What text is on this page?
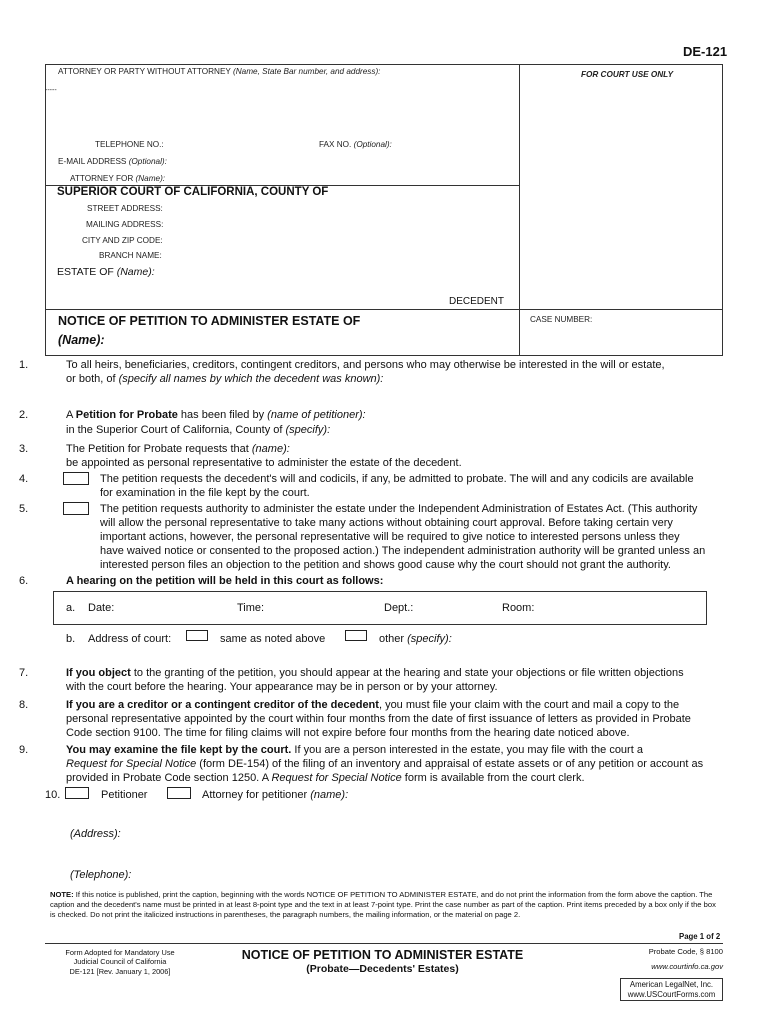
DE-121
ATTORNEY OR PARTY WITHOUT ATTORNEY (Name, State Bar number, and address):	FOR COURT USE ONLY
-----
TELEPHONE NO.:	FAX NO. (Optional):
E-MAIL ADDRESS (Optional):
ATTORNEY FOR (Name):
SUPERIOR COURT OF CALIFORNIA, COUNTY OF
STREET ADDRESS:
MAILING ADDRESS:
CITY AND ZIP CODE:
BRANCH NAME:
ESTATE OF (Name):
DECEDENT
NOTICE OF PETITION TO ADMINISTER ESTATE OF
(Name):
CASE NUMBER:
1.	To all heirs, beneficiaries, creditors, contingent creditors, and persons who may otherwise be interested in the will or estate,
or both, of (specify all names by which the decedent was known):
2.	A Petition for Probate has been filed by (name of petitioner):
in the Superior Court of California, County of (specify):
3.	The Petition for Probate requests that (name):
be appointed as personal representative to administer the estate of the decedent.
4.	The petition requests the decedent's will and codicils, if any, be admitted to probate. The will and any codicils are available
for examination in the file kept by the court.
5.	The petition requests authority to administer the estate under the Independent Administration of Estates Act. (This authority
will allow the personal representative to take many actions without obtaining court approval. Before taking certain very
important actions, however, the personal representative will be required to give notice to interested persons unless they
have waived notice or consented to the proposed action.) The independent administration authority will be granted unless an
interested person files an objection to the petition and shows good cause why the court should not grant the authority.
6.	A hearing on the petition will be held in this court as follows:
a. Date:	Time:	Dept.:	Room:
b. Address of court:	same as noted above	other (specify):
7.	If you object to the granting of the petition, you should appear at the hearing and state your objections or file written objections
with the court before the hearing. Your appearance may be in person or by your attorney.
8.	If you are a creditor or a contingent creditor of the decedent, you must file your claim with the court and mail a copy to the
personal representative appointed by the court within four months from the date of first issuance of letters as provided in Probate
Code section 9100. The time for filing claims will not expire before four months from the hearing date noticed above.
9.	You may examine the file kept by the court. If you are a person interested in the estate, you may file with the court a
Request for Special Notice (form DE-154) of the filing of an inventory and appraisal of estate assets or of any petition or account as
provided in Probate Code section 1250. A Request for Special Notice form is available from the court clerk.
10.	Petitioner	Attorney for petitioner (name):
(Address):
(Telephone):
NOTE: If this notice is published, print the caption, beginning with the words NOTICE OF PETITION TO ADMINISTER ESTATE, and do not print the information from the form above the caption. The caption and the decedent's name must be printed in at least 8-point type and the text in at least 7-point type. Print the case number as part of the caption. Print items preceded by a box only if the box is checked. Do not print the italicized instructions in parentheses, the paragraph numbers, the mailing information, or the material on page 2.
Page 1 of 2
Form Adopted for Mandatory Use
Judicial Council of California
DE-121 [Rev. January 1, 2006]
NOTICE OF PETITION TO ADMINISTER ESTATE
(Probate—Decedents' Estates)
Probate Code, § 8100
www.courtinfo.ca.gov
American LegalNet, Inc.
www.USCourtForms.com
